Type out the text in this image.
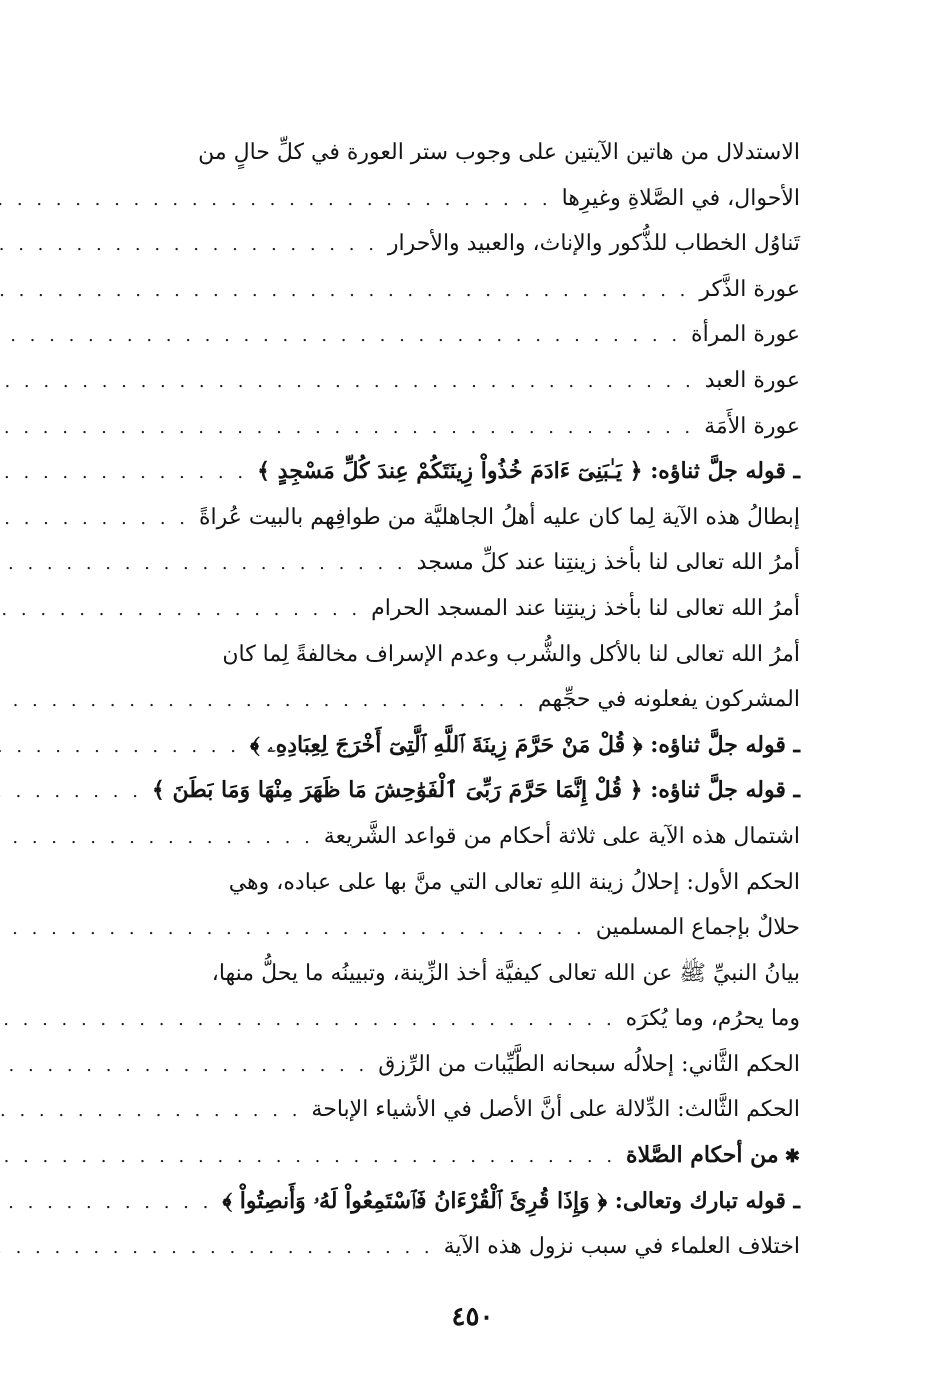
الاستدلال من هاتين الآيتين على وجوب ستر العورة في كلِّ حالٍ من
الأحوال، في الصَّلاةِ وغيرِها
. . .
تَناوُل الخطاب للذُّكور والإناث، والعبيد والأحرار
. . .
عورة الذَّكر
. . .
عورة المرأة
. . .
عورة العبد
. . .
عورة الأَمَة
. . .
ـ قوله جلَّ ثناؤه: ﴿ يَـٰبَنِىٓ ءَادَمَ خُذُواْ زِينَتَكُمْ عِندَ كُلِّ مَسْجِدٍ ﴾
. . .
إبطالُ هذه الآية لِما كان عليه أهلُ الجاهليَّة من طوافِهم بالبيت عُراةً
. . .
أمرُ الله تعالى لنا بأخذ زينتِنا عند كلِّ مسجد
. . .
أمرُ الله تعالى لنا بأخذ زينتِنا عند المسجد الحرام
. . .
أمرُ الله تعالى لنا بالأكل والشُّرب وعدم الإسراف مخالفةً لِما كان
المشركون يفعلونه في حجِّهم
. . .
ـ قوله جلَّ ثناؤه: ﴿ قُلْ مَنْ حَرَّمَ زِينَةَ ٱللَّهِ ٱلَّتِىٓ أَخْرَجَ لِعِبَادِهِۦ ﴾
. . .
ـ قوله جلَّ ثناؤه: ﴿ قُلْ إِنَّمَا حَرَّمَ رَبِّىَ ٱلْفَوَٰحِشَ مَا ظَهَرَ مِنْهَا وَمَا بَطَنَ ﴾
. . .
اشتمال هذه الآية على ثلاثة أحكام من قواعد الشَّريعة
. . .
الحكم الأول: إحلالُ زينة اللهِ تعالى التي منَّ بها على عباده، وهي
حلالٌ بإجماع المسلمين
. . .
بيانُ النبيِّ ﷺ عن الله تعالى كيفيَّة أخذ الزِّينة، وتبيينُه ما يحلُّ منها،
وما يحرُم، وما يُكرَه
. . .
الحكم الثَّاني: إحلالُه سبحانه الطَّيِّبات من الرِّزق
. . .
الحكم الثَّالث: الدِّلالة على أنَّ الأصل في الأشياء الإباحة
. . .
✱ من أحكام الصَّلاة
. . .
ـ قوله تبارك وتعالى: ﴿ وَإِذَا قُرِئَ ٱلْقُرْءَانُ فَٱسْتَمِعُواْ لَهُۥ وَأَنصِتُواْ ﴾
. . .
اختلاف العلماء في سبب نزول هذه الآية
. . .
٤٥٠
